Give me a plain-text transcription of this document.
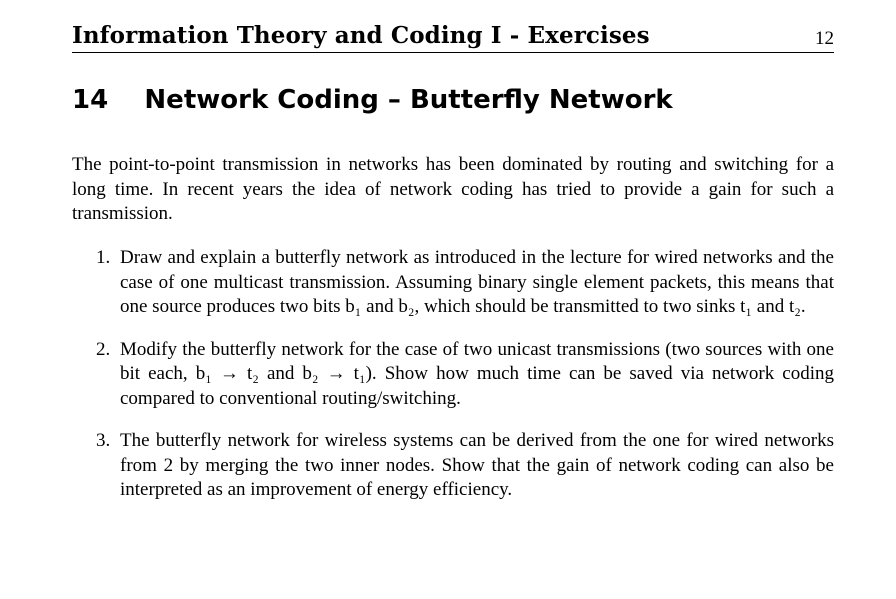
Information Theory and Coding I - Exercises	12
14 Network Coding – Butterfly Network

The point-to-point transmission in networks has been dominated by routing and switching for a long time. In recent years the idea of network coding has tried to provide a gain for such a transmission.

1. Draw and explain a butterfly network as introduced in the lecture for wired networks and the case of one multicast transmission. Assuming binary single element packets, this means that one source produces two bits b₁ and b₂, which should be transmitted to two sinks t₁ and t₂.
2. Modify the butterfly network for the case of two unicast transmissions (two sources with one bit each, b₁ → t₂ and b₂ → t₁). Show how much time can be saved via network coding compared to conventional routing/switching.
3. The butterfly network for wireless systems can be derived from the one for wired networks from 2 by merging the two inner nodes. Show that the gain of network coding can also be interpreted as an improvement of energy efficiency.
